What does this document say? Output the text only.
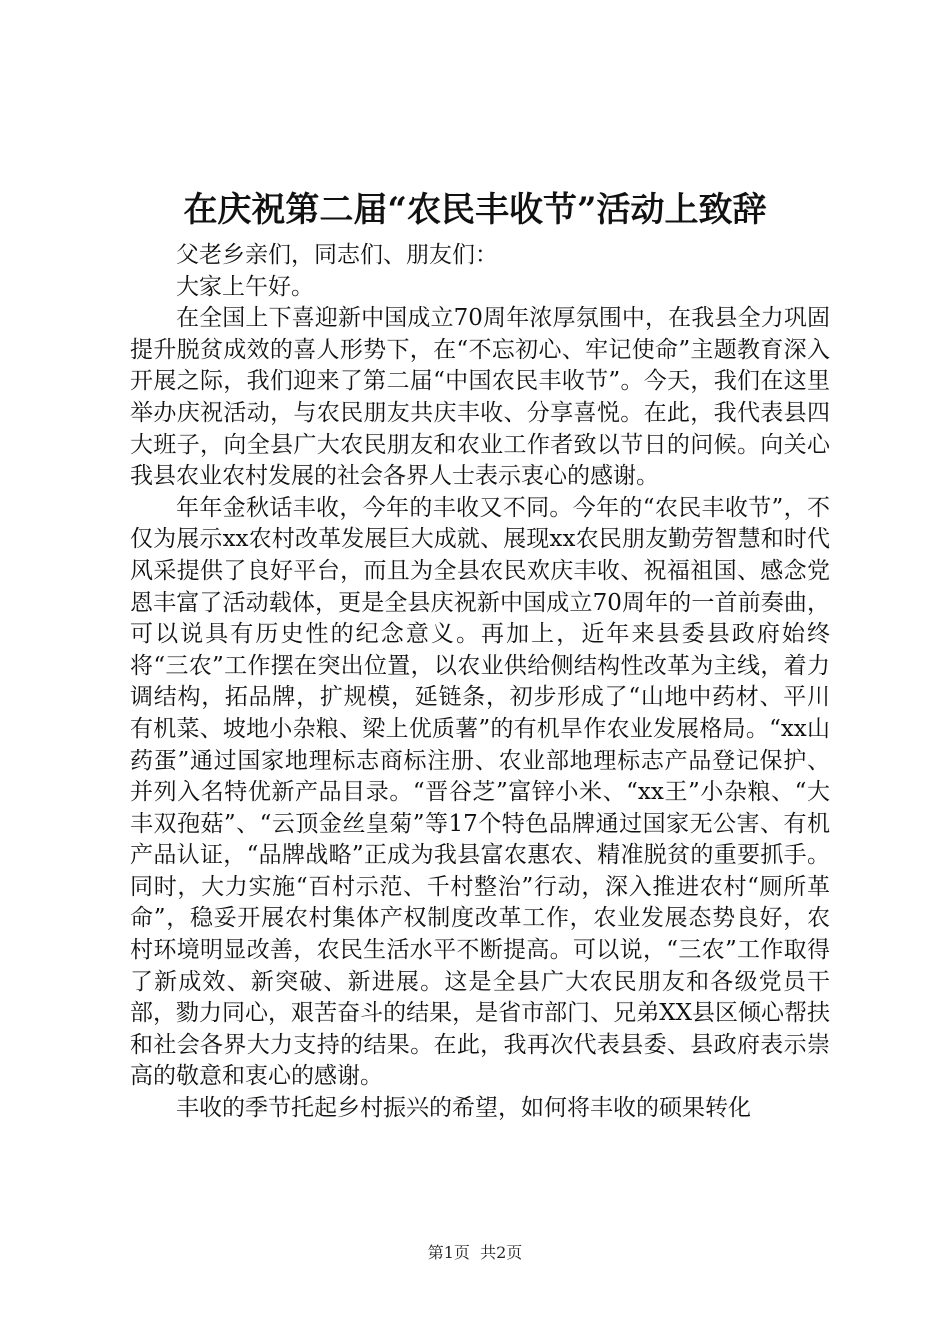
在庆祝第二届“农民丰收节”活动上致辞

父老乡亲们，同志们、朋友们：

大家上午好。

在全国上下喜迎新中国成立70周年浓厚氛围中，在我县全力巩固提升脱贫成效的喜人形势下，在“不忘初心、牢记使命”主题教育深入开展之际，我们迎来了第二届“中国农民丰收节”。今天，我们在这里举办庆祝活动，与农民朋友共庆丰收、分享喜悦。在此，我代表县四大班子，向全县广大农民朋友和农业工作者致以节日的问候。向关心我县农业农村发展的社会各界人士表示衷心的感谢。

年年金秋话丰收，今年的丰收又不同。今年的“农民丰收节”，不仅为展示xx农村改革发展巨大成就、展现xx农民朋友勤劳智慧和时代风采提供了良好平台，而且为全县农民欢庆丰收、祝福祖国、感念党恩丰富了活动载体，更是全县庆祝新中国成立70周年的一首前奏曲，可以说具有历史性的纪念意义。再加上，近年来县委县政府始终将“三农”工作摆在突出位置，以农业供给侧结构性改革为主线，着力调结构，拓品牌，扩规模，延链条，初步形成了“山地中药材、平川有机菜、坡地小杂粮、梁上优质薯”的有机旱作农业发展格局。“xx山药蛋”通过国家地理标志商标注册、农业部地理标志产品登记保护、并列入名特优新产品目录。“晋谷芝”富锌小米、“xx王”小杂粮、“大丰双孢菇”、“云顶金丝皇菊”等17个特色品牌通过国家无公害、有机产品认证，“品牌战略”正成为我县富农惠农、精准脱贫的重要抓手。同时，大力实施“百村示范、千村整治”行动，深入推进农村“厕所革命”，稳妥开展农村集体产权制度改革工作，农业发展态势良好，农村环境明显改善，农民生活水平不断提高。可以说，“三农”工作取得了新成效、新突破、新进展。这是全县广大农民朋友和各级党员干部，勠力同心，艰苦奋斗的结果，是省市部门、兄弟XX县区倾心帮扶和社会各界大力支持的结果。在此，我再次代表县委、县政府表示崇高的敬意和衷心的感谢。

丰收的季节托起乡村振兴的希望，如何将丰收的硕果转化

第1页  共2页
